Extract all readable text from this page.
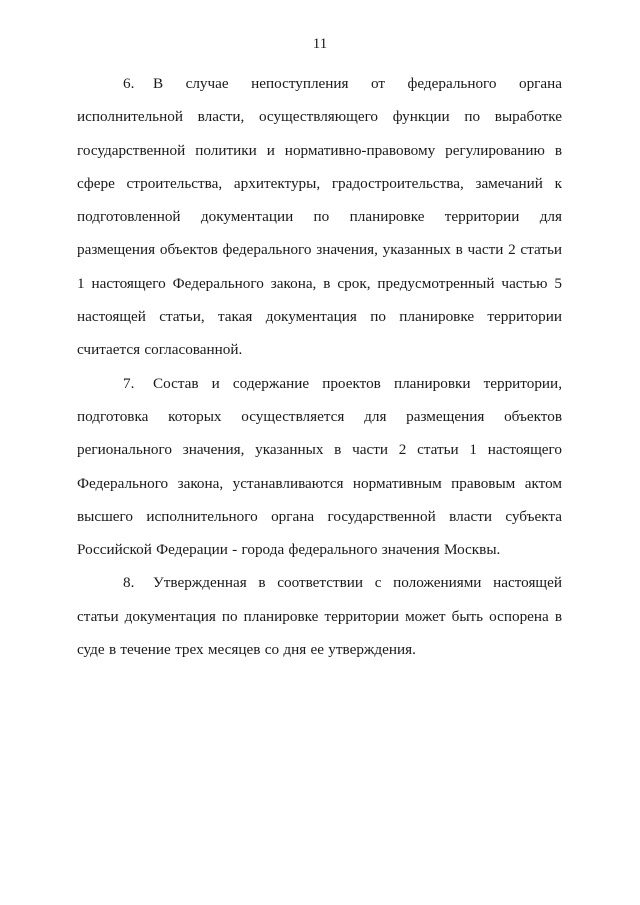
11

6. В случае непоступления от федерального органа исполнительной власти, осуществляющего функции по выработке государственной политики и нормативно-правовому регулированию в сфере строительства, архитектуры, градостроительства, замечаний к подготовленной документации по планировке территории для размещения объектов федерального значения, указанных в части 2 статьи 1 настоящего Федерального закона, в срок, предусмотренный частью 5 настоящей статьи, такая документация по планировке территории считается согласованной.

7. Состав и содержание проектов планировки территории, подготовка которых осуществляется для размещения объектов регионального значения, указанных в части 2 статьи 1 настоящего Федерального закона, устанавливаются нормативным правовым актом высшего исполнительного органа государственной власти субъекта Российской Федерации - города федерального значения Москвы.

8. Утвержденная в соответствии с положениями настоящей статьи документация по планировке территории может быть оспорена в суде в течение трех месяцев со дня ее утверждения.
